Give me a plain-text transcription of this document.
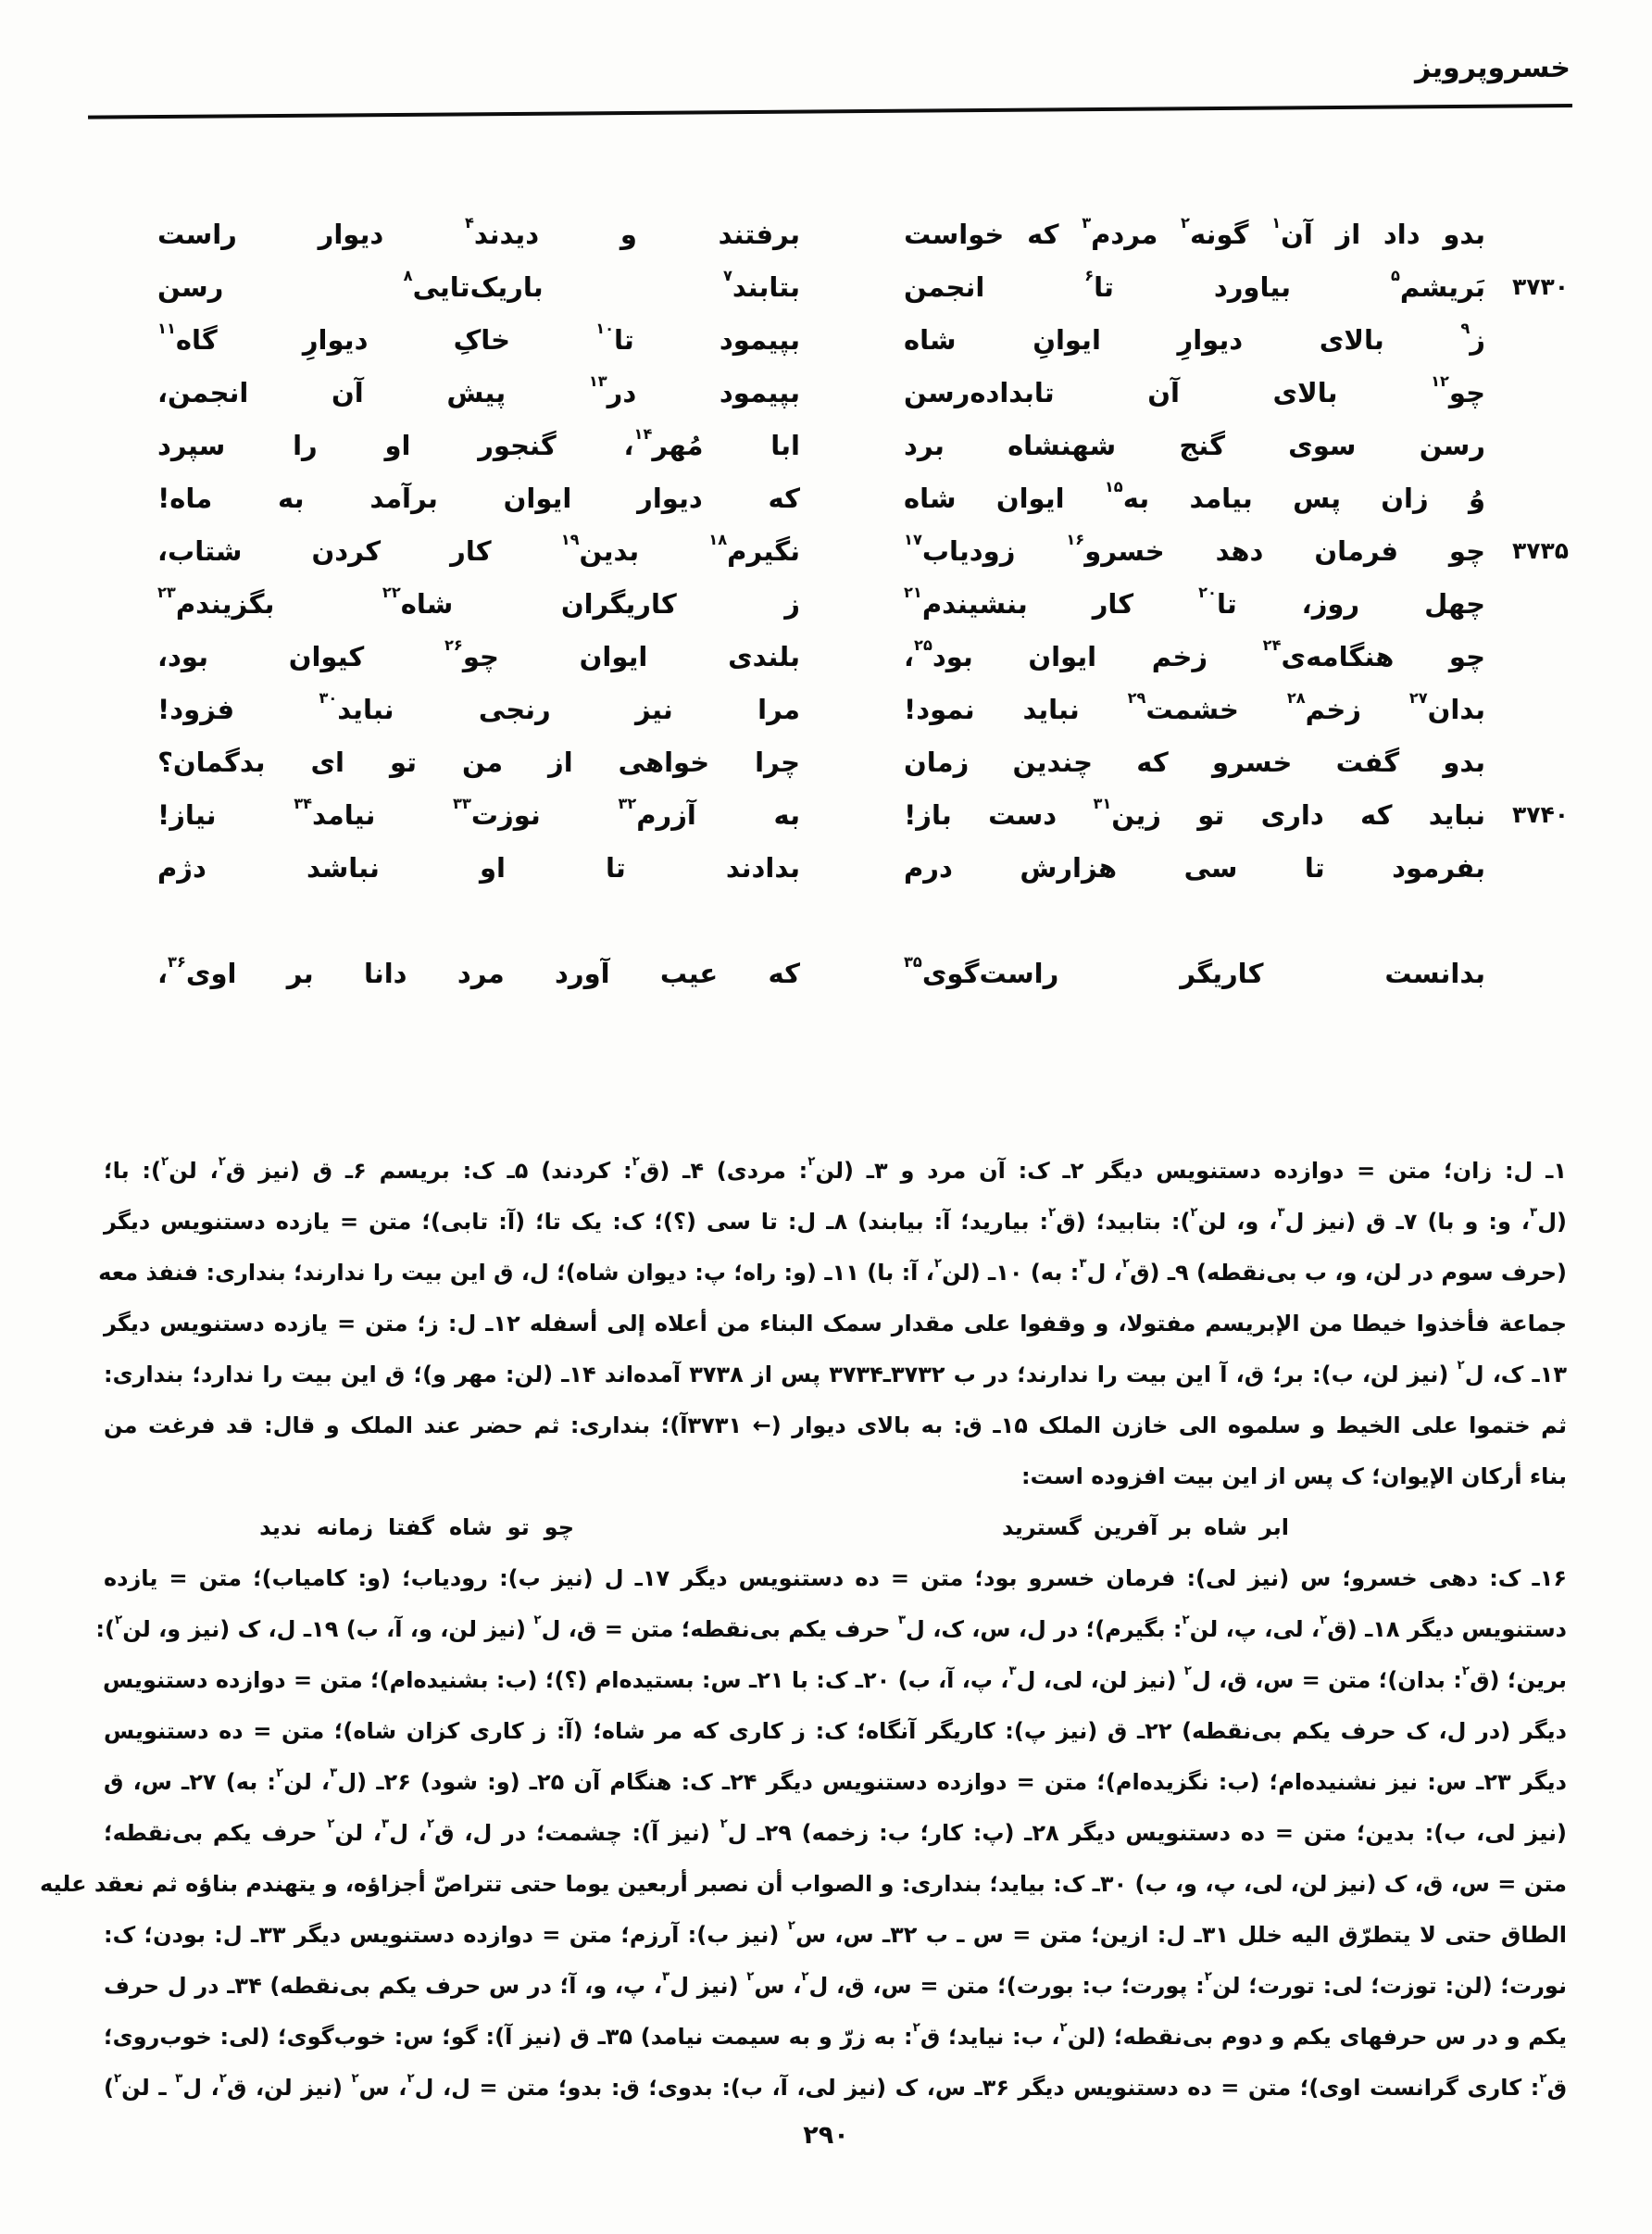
خسروپرویز
بدو
داد
از
آن$^۱$
گونه$^۲$
مردم$^۳$
که
خواست
برفتند
و
دیدند$^۴$
دیوار
راست
۳۷۳۰
بَریشم$^۵$
بیاورد
تا$^۶$
انجمن
بتابند$^۷$
باریک‌تایی$^۸$
رسن
ز$^۹$
بالای
دیوارِ
ایوانِ
شاه
بپیمود
تا$^{۱۰}$
خاکِ
دیوارِ
گاه$^{۱۱}$
چو$^{۱۲}$
بالای
آن
تابداده‌رسن
بپیمود
در$^{۱۳}$
پیش
آن
انجمن،
رسن
سوی
گنج
شهنشاه
برد
ابا
مُهر$^{۱۴}$،
گنجور
او
را
سپرد
وُ
زان
پس
بیامد
به$^{۱۵}$
ایوان
شاه
که
دیوار
ایوان
برآمد
به
ماه!
۳۷۳۵
چو
فرمان
دهد
خسرو$^{۱۶}$
زودیاب$^{۱۷}$
نگیرم$^{۱۸}$
بدین$^{۱۹}$
کار
کردن
شتاب،
چهل
روز،
تا$^{۲۰}$
کار
بنشیندم$^{۲۱}$
ز
کاریگران
شاه$^{۲۲}$
بگزیندم$^{۲۳}$
چو
هنگامه‌ی$^{۲۴}$
زخم
ایوان
بود$^{۲۵}$،
بلندی
ایوان
چو$^{۲۶}$
کیوان
بود،
بدان$^{۲۷}$
زخم$^{۲۸}$
خشمت$^{۲۹}$
نباید
نمود!
مرا
نیز
رنجی
نباید$^{۳۰}$
فزود!
بدو
گفت
خسرو
که
چندین
زمان
چرا
خواهی
از
من
تو
ای
بدگمان؟
۳۷۴۰
نباید
که
داری
تو
زین$^{۳۱}$
دست
باز!
به
آزرم$^{۳۲}$
نوزت$^{۳۳}$
نیامد$^{۳۴}$
نیاز!
بفرمود
تا
سی
هزارش
درم
بدادند
تا
او
نباشد
دژم
بدانست
کاریگر
راست‌گوی$^{۳۵}$
که
عیب
آورد
مرد
دانا
بر
اوی$^{۳۶}$،
۱ـ ل: زان؛ متن = دوازده دستنویس دیگر ۲ـ ک: آن مرد و ۳ـ (لن$^۲$: مردی) ۴ـ (ق$^۲$: کردند) ۵ـ ک: بریسم ۶ـ ق (نیز ق$^۲$، لن$^۲$): با؛
(ل$^۳$، و: و با) ۷ـ ق (نیز ل$^۳$، و، لن$^۲$): بتابید؛ (ق$^۲$: بیارید؛ آ: بیابند) ۸ـ ل: تا سی (؟)؛ ک: یک تا؛ (آ: تابی)؛ متن = یازده دستنویس دیگر
(حرف سوم در لن، و، ب بی‌نقطه) ۹ـ (ق$^۲$، ل$^۳$: به) ۱۰ـ (لن$^۲$، آ: با) ۱۱ـ (و: راه؛ پ: دیوان شاه)؛ ل، ق این بیت را ندارند؛ بنداری: فنفذ معه
جماعة فأخذوا خیطا من الإبریسم مفتولا، و وقفوا علی مقدار سمک البناء من أعلاه إلی أسفله ۱۲ـ ل: ز؛ متن = یازده دستنویس دیگر
۱۳ـ ک، ل$^۲$ (نیز لن، ب): بر؛ ق، آ این بیت را ندارند؛ در ب ۳۷۳۲ـ۳۷۳۴ پس از ۳۷۳۸ آمده‌اند ۱۴ـ (لن: مهر و)؛ ق این بیت را ندارد؛ بنداری:
ثم ختموا علی الخیط و سلموه الی خازن الملک ۱۵ـ ق: به بالای دیوار (← ۳۷۳۱آ)؛ بنداری: ثم حضر عند الملک و قال: قد فرغت من
بناء أرکان الإیوان؛ ک پس از این بیت افزوده است:
ابر
شاه
بر
آفرین
گسترید
چو
تو
شاه
گفتا
زمانه
ندید
۱۶ـ ک: دهی خسرو؛ س (نیز لی): فرمان خسرو بود؛ متن = ده دستنویس دیگر ۱۷ـ ل (نیز ب): رودیاب؛ (و: کامیاب)؛ متن = یازده
دستنویس دیگر ۱۸ـ (ق$^۲$، لی، پ، لن$^۲$: بگیرم)؛ در ل، س، ک، ل$^۳$ حرف یکم بی‌نقطه؛ متن = ق، ل$^۲$ (نیز لن، و، آ، ب) ۱۹ـ ل، ک (نیز و، لن$^۲$):
برین؛ (ق$^۲$: بدان)؛ متن = س، ق، ل$^۲$ (نیز لن، لی، ل$^۳$، پ، آ، ب) ۲۰ـ ک: با ۲۱ـ س: بستیده‌ام (؟)؛ (ب: بشنیده‌ام)؛ متن = دوازده دستنویس
دیگر (در ل، ک حرف یکم بی‌نقطه) ۲۲ـ ق (نیز پ): کاریگر آنگاه؛ ک: ز کاری که مر شاه؛ (آ: ز کاری کزان شاه)؛ متن = ده دستنویس
دیگر ۲۳ـ س: نیز نشنیده‌ام؛ (ب: نگزیده‌ام)؛ متن = دوازده دستنویس دیگر ۲۴ـ ک: هنگام آن ۲۵ـ (و: شود) ۲۶ـ (ل$^۳$، لن$^۲$: به) ۲۷ـ س، ق
(نیز لی، ب): بدین؛ متن = ده دستنویس دیگر ۲۸ـ (پ: کار؛ ب: زخمه) ۲۹ـ ل$^۲$ (نیز آ): چشمت؛ در ل، ق$^۲$، ل$^۳$، لن$^۲$ حرف یکم بی‌نقطه؛
متن = س، ق، ک (نیز لن، لی، پ، و، ب) ۳۰ـ ک: بیاید؛ بنداری: و الصواب أن نصبر أربعین یوما حتی تتراصّ أجزاؤه، و یتهندم بناؤه ثم نعقد علیه
الطاق حتی لا یتطرّق الیه خلل ۳۱ـ ل: ازین؛ متن = س ـ ب ۳۲ـ س، س$^۲$ (نیز ب): آرزم؛ متن = دوازده دستنویس دیگر ۳۳ـ ل: بودن؛ ک:
نورت؛ (لن: توزت؛ لی: تورت؛ لن$^۲$: پورت؛ ب: بورت)؛ متن = س، ق، ل$^۲$، س$^۲$ (نیز ل$^۳$، پ، و، آ؛ در س حرف یکم بی‌نقطه) ۳۴ـ در ل حرف
یکم و در س حرفهای یکم و دوم بی‌نقطه؛ (لن$^۲$، ب: نیاید؛ ق$^۲$: به زرّ و به سیمت نیامد) ۳۵ـ ق (نیز آ): گو؛ س: خوب‌گوی؛ (لی: خوب‌روی؛
ق$^۲$: کاری گرانست اوی)؛ متن = ده دستنویس دیگر ۳۶ـ س، ک (نیز لی، آ، ب): بدوی؛ ق: بدو؛ متن = ل، ل$^۲$، س$^۲$ (نیز لن، ق$^۲$، ل$^۳$ ـ لن$^۲$)
۲۹۰
